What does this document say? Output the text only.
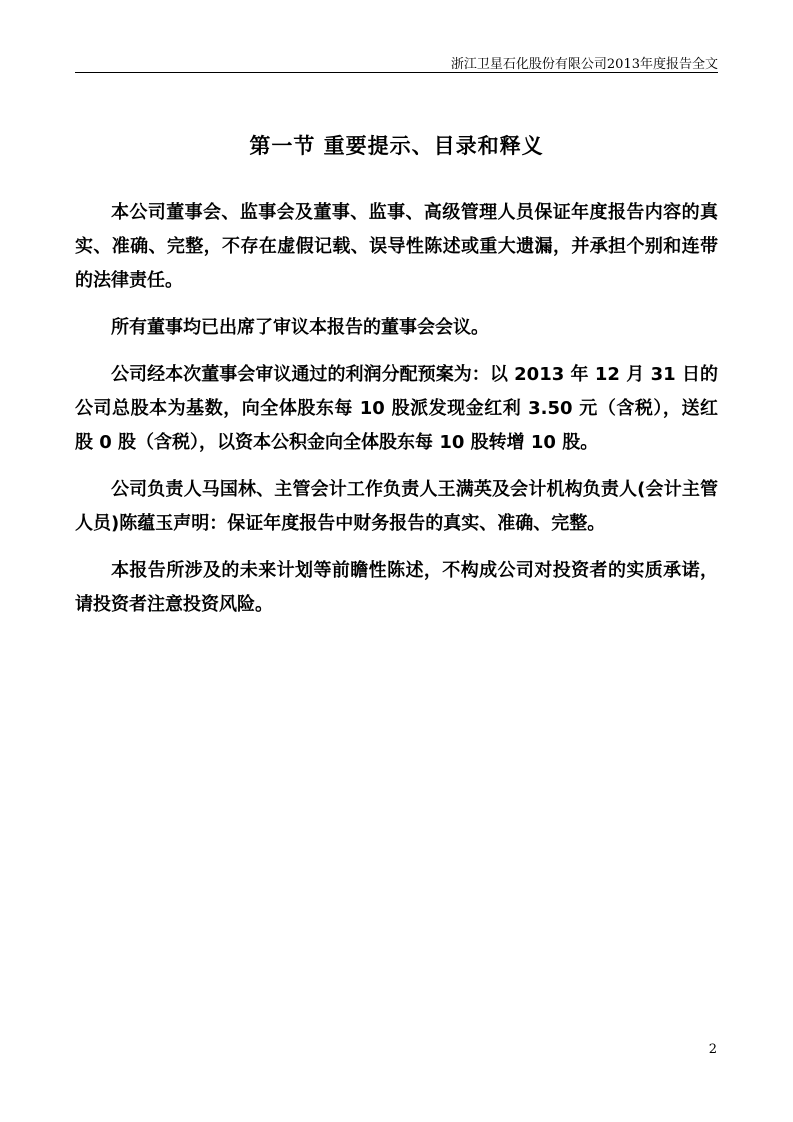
浙江卫星石化股份有限公司2013年度报告全文
第一节 重要提示、目录和释义

本公司董事会、监事会及董事、监事、高级管理人员保证年度报告内容的真实、准确、完整，不存在虚假记载、误导性陈述或重大遗漏，并承担个别和连带的法律责任。

所有董事均已出席了审议本报告的董事会会议。

公司经本次董事会审议通过的利润分配预案为：以 2013 年 12 月 31 日的公司总股本为基数，向全体股东每 10 股派发现金红利 3.50 元（含税），送红股 0 股（含税），以资本公积金向全体股东每 10 股转增 10 股。

公司负责人马国林、主管会计工作负责人王满英及会计机构负责人(会计主管人员)陈蕴玉声明：保证年度报告中财务报告的真实、准确、完整。

本报告所涉及的未来计划等前瞻性陈述，不构成公司对投资者的实质承诺，请投资者注意投资风险。

2
